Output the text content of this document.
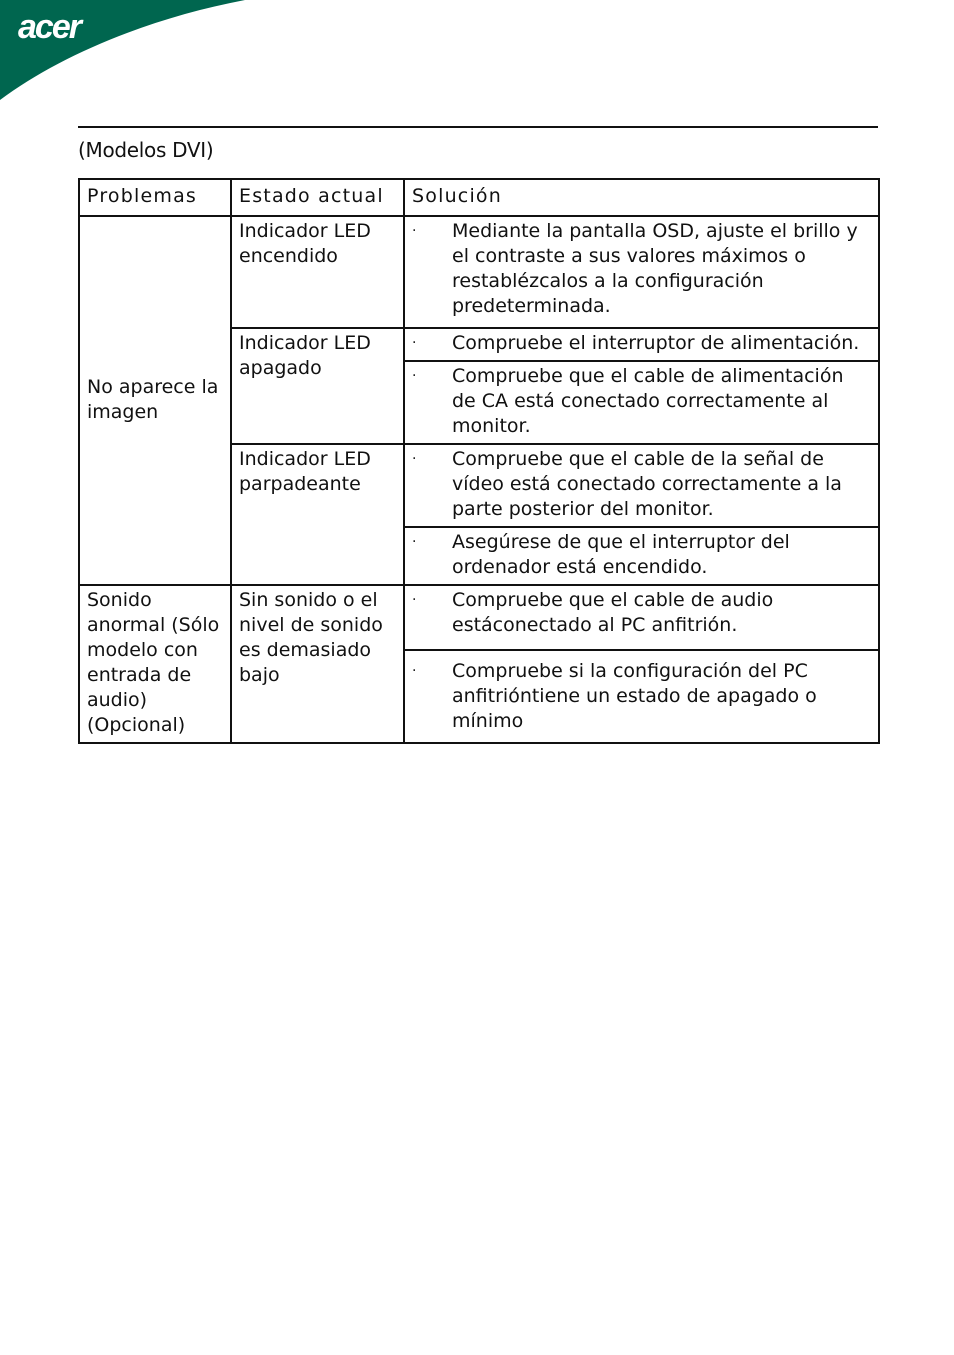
acer
(Modelos DVI)
Problemas	Estado actual	Solución
No aparece la imagen	Indicador LED encendido	· Mediante la pantalla OSD, ajuste el brillo y el contraste a sus valores máximos o restablézcalos a la configuración predeterminada.

	Indicador LED apagado	· Compruebe el interruptor de alimentación.

		· Compruebe que el cable de alimentación de CA está conectado correctamente al monitor.

	Indicador LED parpadeante	· Compruebe que el cable de la señal de vídeo está conectado correctamente a la parte posterior del monitor.

		· Asegúrese de que el interruptor del ordenador está encendido.

Sonido anormal (Sólo modelo con entrada de audio) (Opcional)	Sin sonido o el nivel de sonido es demasiado bajo	· Compruebe que el cable de audio estáconectado al PC anfitrión.

		· Compruebe si la configuración del PC anfitriόntiene un estado de apagado o mínimo
